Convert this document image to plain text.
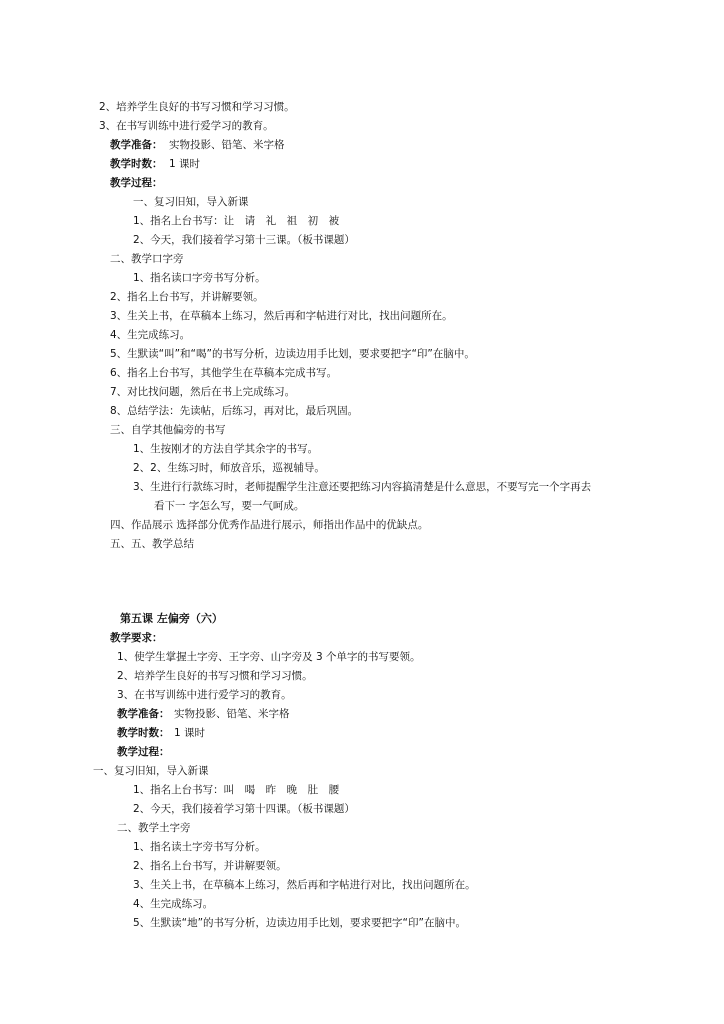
2、培养学生良好的书写习惯和学习习惯。
3、在书写训练中进行爱学习的教育。
教学准备： 实物投影、铅笔、米字格
教学时数： 1 课时
教学过程：
一、复习旧知，导入新课
1、指名上台书写：让　请　礼　祖　初　被
2、今天，我们接着学习第十三课。（板书课题）
二、教学口字旁
1、指名读口字旁书写分析。
2、指名上台书写，并讲解要领。
3、生关上书，在草稿本上练习，然后再和字帖进行对比，找出问题所在。
4、生完成练习。
5、生默读“叫”和“喝”的书写分析，边读边用手比划，要求要把字“印”在脑中。
6、指名上台书写，其他学生在草稿本完成书写。
7、对比找问题，然后在书上完成练习。
8、总结学法：先读帖，后练习，再对比，最后巩固。
三、自学其他偏旁的书写
1、生按刚才的方法自学其余字的书写。
2、2、生练习时，师放音乐，巡视辅导。
3、生进行行款练习时，老师提醒学生注意还要把练习内容搞清楚是什么意思，不要写完一个字再去
看下一 字怎么写，要一气呵成。
四、作品展示 选择部分优秀作品进行展示，师指出作品中的优缺点。
五、五、教学总结
第五课 左偏旁（六）
教学要求：
1、使学生掌握土字旁、王字旁、山字旁及 3 个单字的书写要领。
2、培养学生良好的书写习惯和学习习惯。
3、在书写训练中进行爱学习的教育。
教学准备： 实物投影、铅笔、米字格
教学时数： 1 课时
教学过程：
一、复习旧知，导入新课
1、指名上台书写：叫　喝　昨　晚　肚　腰
2、今天，我们接着学习第十四课。（板书课题）
二、教学土字旁
1、指名读土字旁书写分析。
2、指名上台书写，并讲解要领。
3、生关上书，在草稿本上练习，然后再和字帖进行对比，找出问题所在。
4、生完成练习。
5、生默读“地”的书写分析，边读边用手比划，要求要把字“印”在脑中。
